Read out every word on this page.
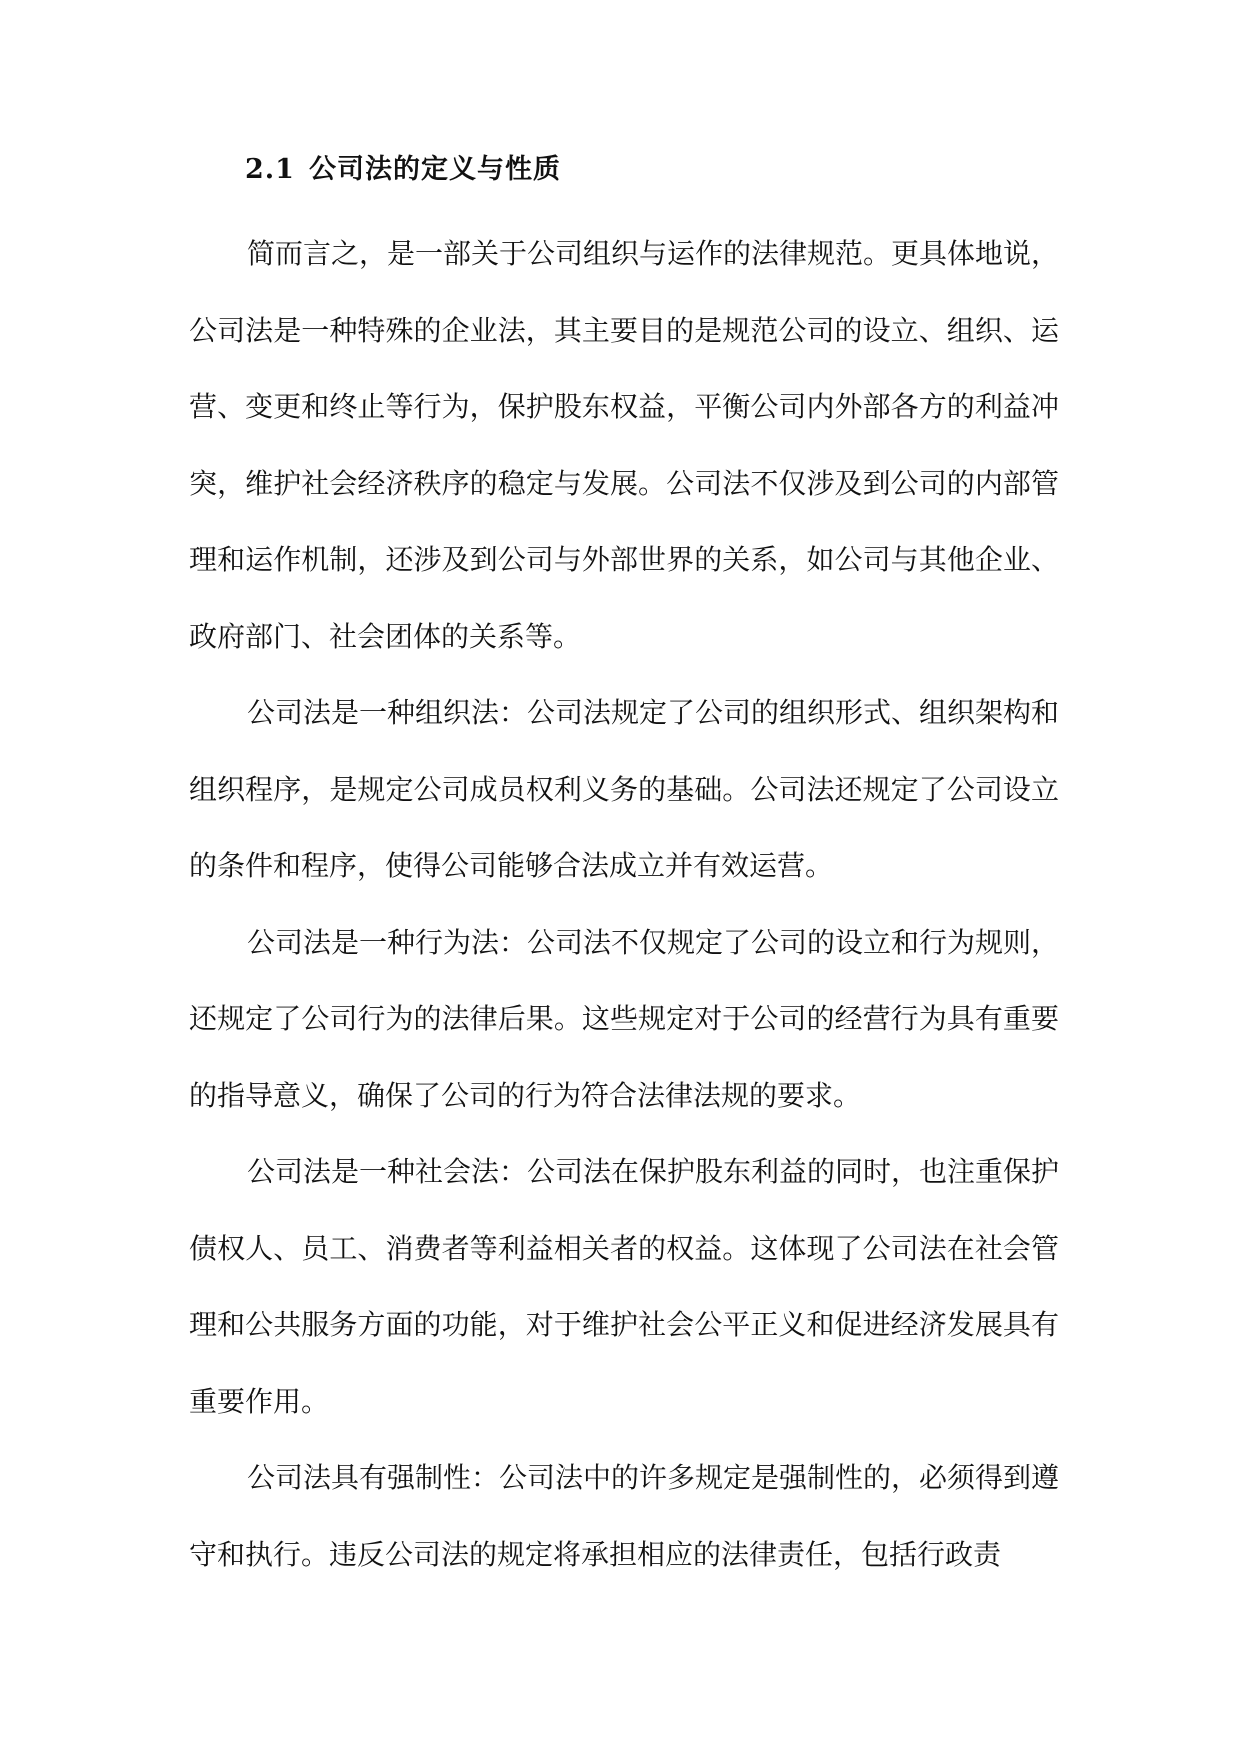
2.1 公司法的定义与性质

简而言之，是一部关于公司组织与运作的法律规范。更具体地说，公司法是一种特殊的企业法，其主要目的是规范公司的设立、组织、运营、变更和终止等行为，保护股东权益，平衡公司内外部各方的利益冲突，维护社会经济秩序的稳定与发展。公司法不仅涉及到公司的内部管理和运作机制，还涉及到公司与外部世界的关系，如公司与其他企业、政府部门、社会团体的关系等。

公司法是一种组织法：公司法规定了公司的组织形式、组织架构和组织程序，是规定公司成员权利义务的基础。公司法还规定了公司设立的条件和程序，使得公司能够合法成立并有效运营。

公司法是一种行为法：公司法不仅规定了公司的设立和行为规则，还规定了公司行为的法律后果。这些规定对于公司的经营行为具有重要的指导意义，确保了公司的行为符合法律法规的要求。

公司法是一种社会法：公司法在保护股东利益的同时，也注重保护债权人、员工、消费者等利益相关者的权益。这体现了公司法在社会管理和公共服务方面的功能，对于维护社会公平正义和促进经济发展具有重要作用。

公司法具有强制性：公司法中的许多规定是强制性的，必须得到遵守和执行。违反公司法的规定将承担相应的法律责任，包括行政责
